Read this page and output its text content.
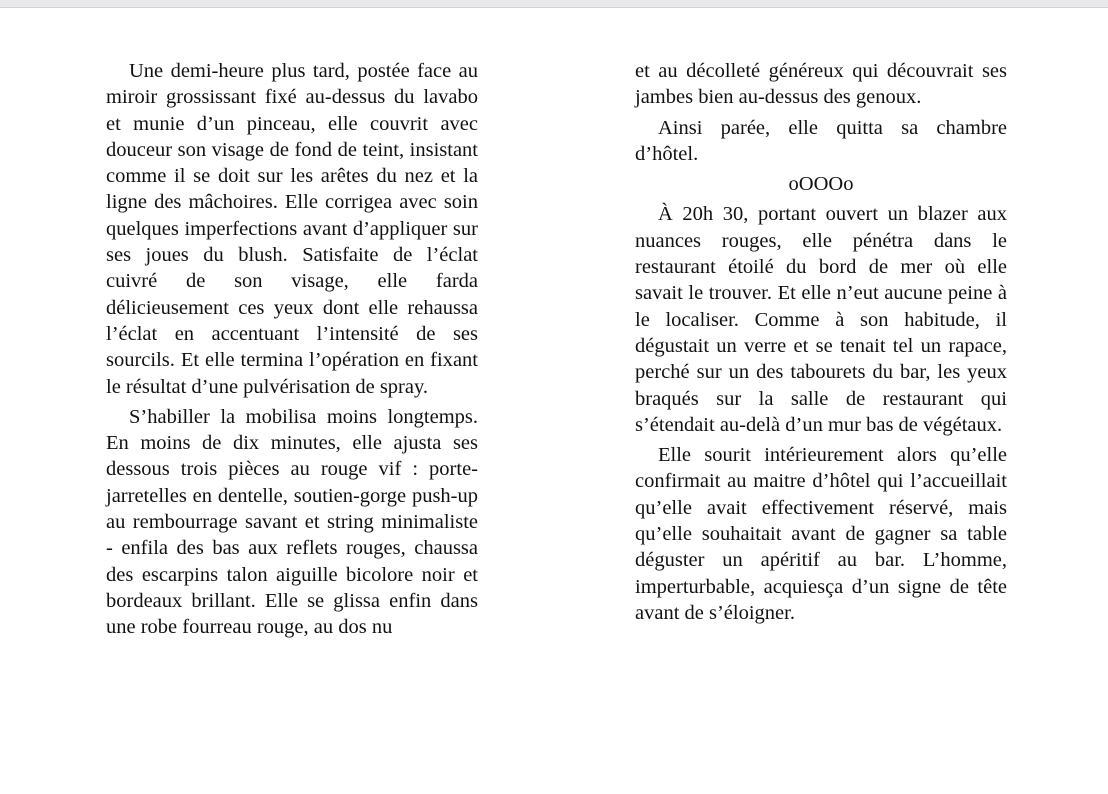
Une demi-heure plus tard, postée face au miroir grossissant fixé au-dessus du lavabo et munie d’un pinceau, elle couvrit avec douceur son visage de fond de teint, insistant comme il se doit sur les arêtes du nez et la ligne des mâchoires. Elle corrigea avec soin quelques imperfections avant d’appliquer sur ses joues du blush. Satisfaite de l’éclat cuivré de son visage, elle farda délicieusement ces yeux dont elle rehaussa l’éclat en accentuant l’intensité de ses sourcils. Et elle termina l’opération en fixant le résultat d’une pulvérisation de spray.

S’habiller la mobilisa moins longtemps. En moins de dix minutes, elle ajusta ses dessous trois pièces au rouge vif : porte-jarretelles en dentelle, soutien-gorge push-up au rembourrage savant et string minimaliste - enfila des bas aux reflets rouges, chaussa des escarpins talon aiguille bicolore noir et bordeaux brillant. Elle se glissa enfin dans une robe fourreau rouge, au dos nu

et au décolleté généreux qui découvrait ses jambes bien au-dessus des genoux.

Ainsi parée, elle quitta sa chambre d’hôtel.

oOOOo

À 20h 30, portant ouvert un blazer aux nuances rouges, elle pénétra dans le restaurant étoilé du bord de mer où elle savait le trouver. Et elle n’eut aucune peine à le localiser. Comme à son habitude, il dégustait un verre et se tenait tel un rapace, perché sur un des tabourets du bar, les yeux braqués sur la salle de restaurant qui s’étendait au-delà d’un mur bas de végétaux.

Elle sourit intérieurement alors qu’elle confirmait au maitre d’hôtel qui l’accueillait qu’elle avait effectivement réservé, mais qu’elle souhaitait avant de gagner sa table déguster un apéritif au bar. L’homme, imperturbable, acquiesça d’un signe de tête avant de s’éloigner.
